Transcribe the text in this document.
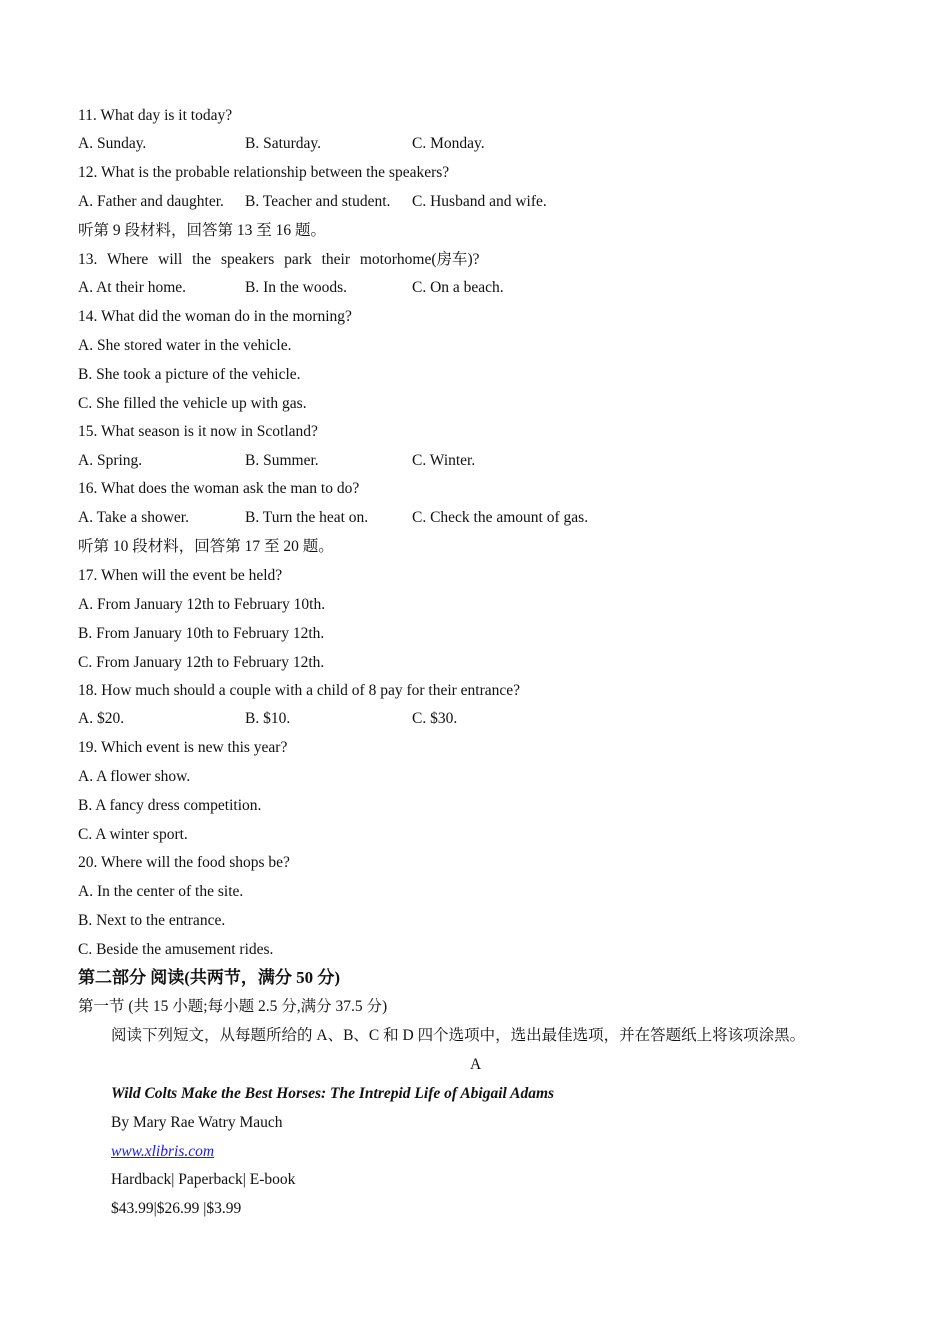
11. What day is it today?
A. Sunday.	B. Saturday.	C. Monday.
12. What is the probable relationship between the speakers?
A. Father and daughter. B. Teacher and student. C. Husband and wife.
听第 9 段材料，回答第 13 至 16 题。
13. Where will the speakers park their motorhome(房车)?
A. At their home.	B. In the woods.	C. On a beach.
14. What did the woman do in the morning?
A. She stored water in the vehicle.
B. She took a picture of the vehicle.
C. She filled the vehicle up with gas.
15. What season is it now in Scotland?
A. Spring.	B. Summer.	C. Winter.
16. What does the woman ask the man to do?
A. Take a shower.	B. Turn the heat on.	C. Check the amount of gas.
听第 10 段材料，回答第 17 至 20 题。
17. When will the event be held?
A. From January 12th to February 10th.
B. From January 10th to February 12th.
C. From January 12th to February 12th.
18. How much should a couple with a child of 8 pay for their entrance?
A. $20.	B. $10.	C. $30.
19. Which event is new this year?
A. A flower show.
B. A fancy dress competition.
C. A winter sport.
20. Where will the food shops be?
A. In the center of the site.
B. Next to the entrance.
C. Beside the amusement rides.
第二部分 阅读(共两节，满分 50 分)
第一节 (共 15 小题;每小题 2.5 分,满分 37.5 分)
阅读下列短文，从每题所给的 A、B、C 和 D 四个选项中，选出最佳选项，并在答题纸上将该项涂黑。
A
Wild Colts Make the Best Horses: The Intrepid Life of Abigail Adams
By Mary Rae Watry Mauch
www.xlibris.com
Hardback| Paperback| E-book
$43.99|$26.99 |$3.99
